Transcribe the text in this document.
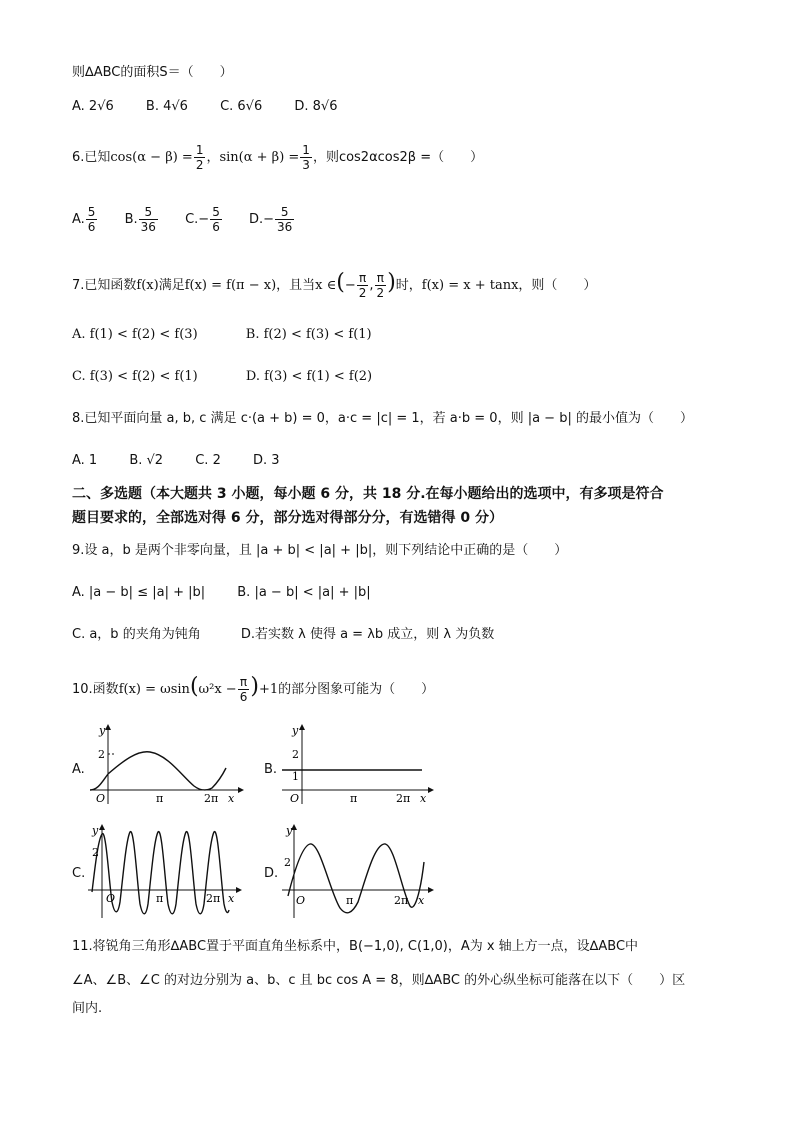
则∆ABC的面积S＝（　　）
A. 2√6 B. 4√6 C. 6√6 D. 8√6
6.已知$\cos(\alpha - \beta) = \frac{1}{2}$ ，$\sin(\alpha + \beta) = \frac{1}{3}$ ，则cos2αcos2β =（　　）
A. $\frac{5}{6} B$. $\frac{5}{36} C.- \frac{5}{6} D.- \frac{5}{36}$
7.已知函数f(x)满足f(x) = f(π − x)，且当x ∈(− $\frac{\pi}{2}$ , $\frac{\pi}{2}$ )时，f(x) = x + tanx，则（　　）
A. f(1) < f(2) < f(3)	B. f(2) < f(3) < f(1)
C. f(3) < f(2) < f(1)	D. f(3) < f(1) < f(2)
8.已知平面向量 a, b, c 满足 c·(a + b) = 0，a·c = |c| = 1，若 a·b = 0，则 |a − b| 的最小值为（　　）
A. 1 B. √2 C. 2 D. 3
二、多选题（本大题共 3 小题，每小题 6 分，共 18 分.在每小题给出的选项中，有多项是符合
题目要求的，全部选对得 6 分，部分选对得部分分，有选错得 0 分）
9.设 a，b 是两个非零向量，且 |a + b| < |a| + |b|，则下列结论中正确的是（　　）
A. |a − b| ≤ |a| + |b| B. |a − b| < |a| + |b|
C. a，b 的夹角为钝角	D.若实数 λ 使得 a = λb 成立，则 λ 为负数
10.函数$f(x) = \omega\sin(\omega^2x - \frac{\pi}{6} )+1$的部分图象可能为（　　）
A.
y
2
O	π	2π x
B.
y
2
1
O	π	2π x
C.
y
2
O	π	2π x
D.
y
2
O	π	2π x
11.将锐角三角形∆ABC置于平面直角坐标系中，B(−1,0), C(1,0)，A为 x 轴上方一点，设∆ABC中
∠A、∠B、∠C 的对边分别为 a、b、c 且 bc cos A = 8，则∆ABC 的外心纵坐标可能落在以下（　　）区
间内.
